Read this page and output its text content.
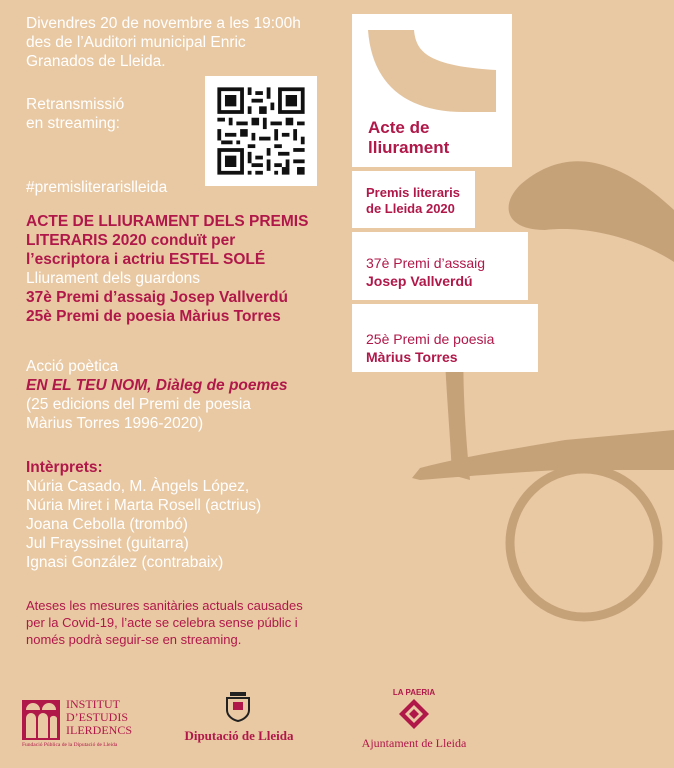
Divendres 20 de novembre a les 19:00h

des de l’Auditori municipal Enric

Granados de Lleida.

Retransmissió

en streaming:

#premisliterarislleida

ACTE DE LLIURAMENT DELS PREMIS

LITERARIS 2020 conduït per

l’escriptora i actriu ESTEL SOLÉ

Lliurament dels guardons

37è Premi d’assaig Josep Vallverdú

25è Premi de poesia Màrius Torres

Acció poètica

EN EL TEU NOM, Diàleg de poemes

(25 edicions del Premi de poesia

Màrius Torres 1996-2020)

Intèrprets:

Núria Casado, M. Àngels López,

Núria Miret i Marta Rosell (actrius)

Joana Cebolla (trombó)

Jul Frayssinet (guitarra)

Ignasi González (contrabaix)

Ateses les mesures sanitàries actuals causades

per la Covid-19, l’acte se celebra sense públic i

només podrà seguir-se en streaming.

Acte de
lliurament
Premis literaris
de Lleida 2020
37è Premi d’assaig
Josep Vallverdú
25è Premi de poesia
Màrius Torres
INSTITUT
D’ESTUDIS
ILERDENCS
Fundació Pública de la Diputació de Lleida
Diputació de Lleida
LA PAERIA
Ajuntament de Lleida
